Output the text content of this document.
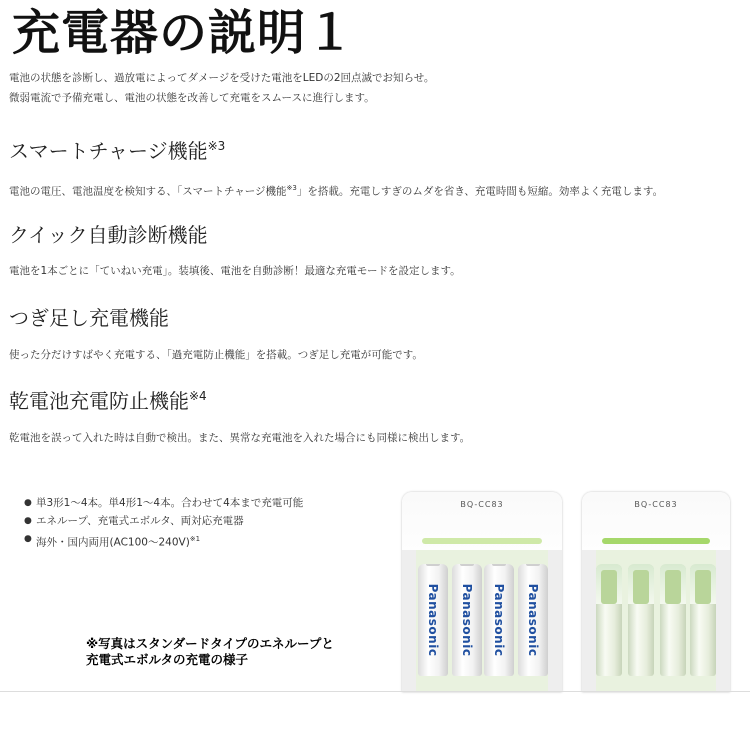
充電器の説明１
電池の状態を診断し、過放電によってダメージを受けた電池をLEDの2回点滅でお知らせ。
微弱電流で予備充電し、電池の状態を改善して充電をスムースに進行します。
スマートチャージ機能$^{※3}$
電池の電圧、電池温度を検知する、「スマートチャージ機能$^{※3}$」を搭載。充電しすぎのムダを省き、充電時間も短縮。効率よく充電します。
クイック自動診断機能
電池を1本ごとに「ていねい充電」。装填後、電池を自動診断！最適な充電モードを設定します。
つぎ足し充電機能
使った分だけすばやく充電する、「過充電防止機能」を搭載。つぎ足し充電が可能です。
乾電池充電防止機能$^{※4}$
乾電池を誤って入れた時は自動で検出。また、異常な充電池を入れた場合にも同様に検出します。
● 単3形1～4本。単4形1～4本。合わせて4本まで充電可能
● エネループ、充電式エボルタ、両対応充電器
● 海外・国内両用(AC100～240V)$^{※1}$
※写真はスタンダードタイプのエネループと
充電式エボルタの充電の様子
BQ-CC83
Panasonic Panasonic Panasonic Panasonic
BQ-CC83
